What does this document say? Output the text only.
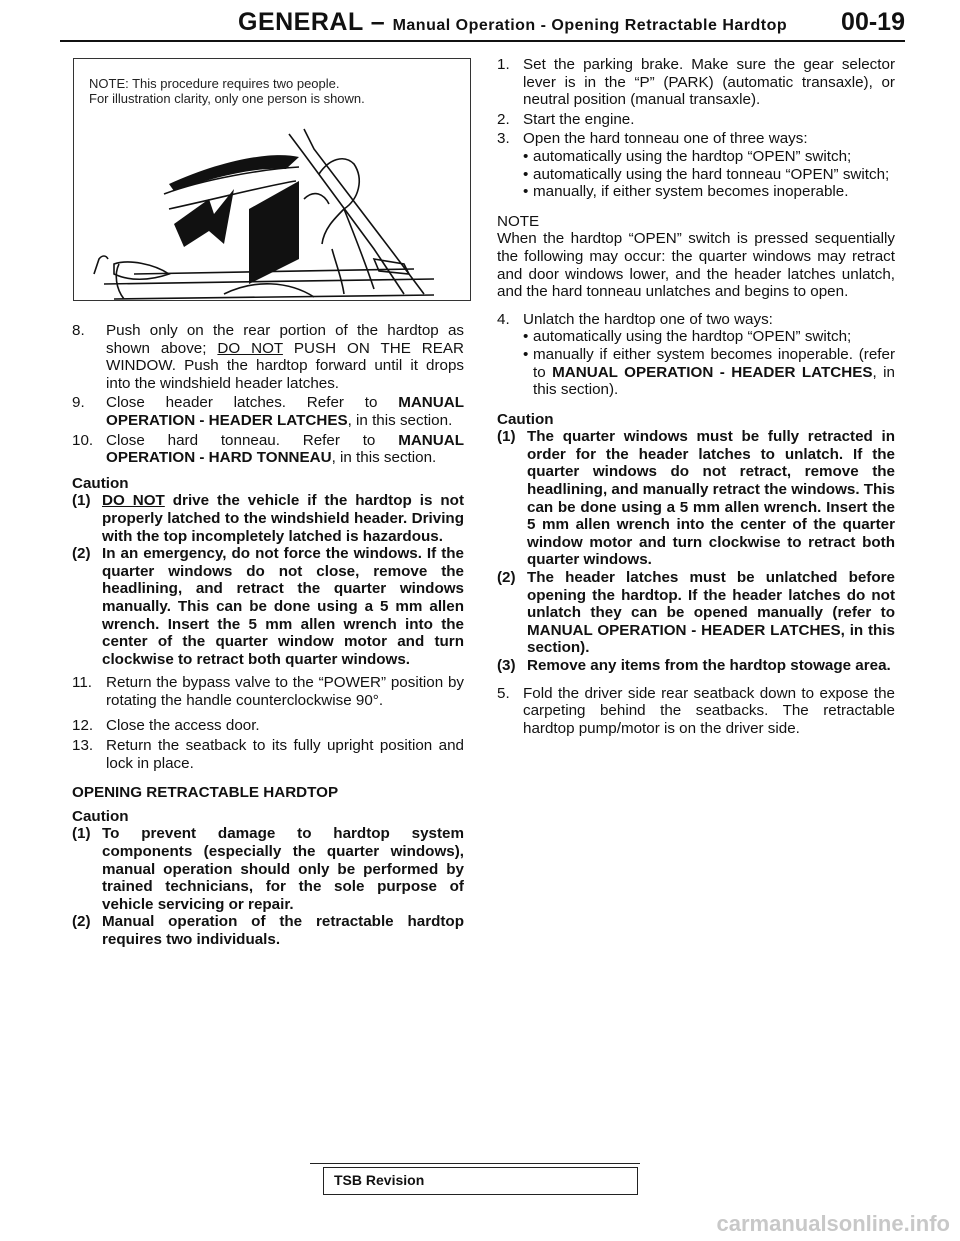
GENERAL – Manual Operation - Opening Retractable Hardtop 00-19
NOTE: This procedure requires two people.
For illustration clarity, only one person is shown.
8.	Push only on the rear portion of the hardtop as shown above; DO NOT PUSH ON THE REAR WINDOW. Push the hardtop forward until it drops into the windshield header latches.
9.	Close header latches. Refer to MANUAL OPERATION - HEADER LATCHES, in this section.
10. Close hard tonneau. Refer to MANUAL OPERATION - HARD TONNEAU, in this section.
Caution
(1) DO NOT drive the vehicle if the hardtop is not properly latched to the windshield header. Driving with the top incompletely latched is hazardous.
(2) In an emergency, do not force the windows. If the quarter windows do not close, remove the headlining, and retract the quarter windows manually. This can be done using a 5 mm allen wrench. Insert the 5 mm allen wrench into the center of the quarter window motor and turn clockwise to retract both quarter windows.
11. Return the bypass valve to the “POWER” position by rotating the handle counterclockwise 90°.
12. Close the access door.
13. Return the seatback to its fully upright position and lock in place.
OPENING RETRACTABLE HARDTOP
Caution
(1) To prevent damage to hardtop system components (especially the quarter windows), manual operation should only be performed by trained technicians, for the sole purpose of vehicle servicing or repair.
(2) Manual operation of the retractable hardtop requires two individuals.
1. Set the parking brake. Make sure the gear selector lever is in the “P” (PARK) (automatic transaxle), or neutral position (manual transaxle).
2. Start the engine.
3. Open the hard tonneau one of three ways:
• automatically using the hardtop “OPEN” switch;
• automatically using the hard tonneau “OPEN” switch;
• manually, if either system becomes inoperable.
NOTE
When the hardtop “OPEN” switch is pressed sequentially the following may occur: the quarter windows may retract and door windows lower, and the header latches unlatch, and the hard tonneau unlatches and begins to open.
4. Unlatch the hardtop one of two ways:
• automatically using the hardtop “OPEN” switch;
• manually if either system becomes inoperable. (refer to MANUAL OPERATION - HEADER LATCHES, in this section).
Caution
(1) The quarter windows must be fully retracted in order for the header latches to unlatch. If the quarter windows do not retract, remove the headlining, and manually retract the windows. This can be done using a 5 mm allen wrench. Insert the 5 mm allen wrench into the center of the quarter window motor and turn clockwise to retract both quarter windows.
(2) The header latches must be unlatched before opening the hardtop. If the header latches do not unlatch they can be opened manually (refer to MANUAL OPERATION - HEADER LATCHES, in this section).
(3) Remove any items from the hardtop stowage area.
5. Fold the driver side rear seatback down to expose the carpeting behind the seatbacks. The retractable hardtop pump/motor is on the driver side.
TSB Revision
carmanualsonline.info
